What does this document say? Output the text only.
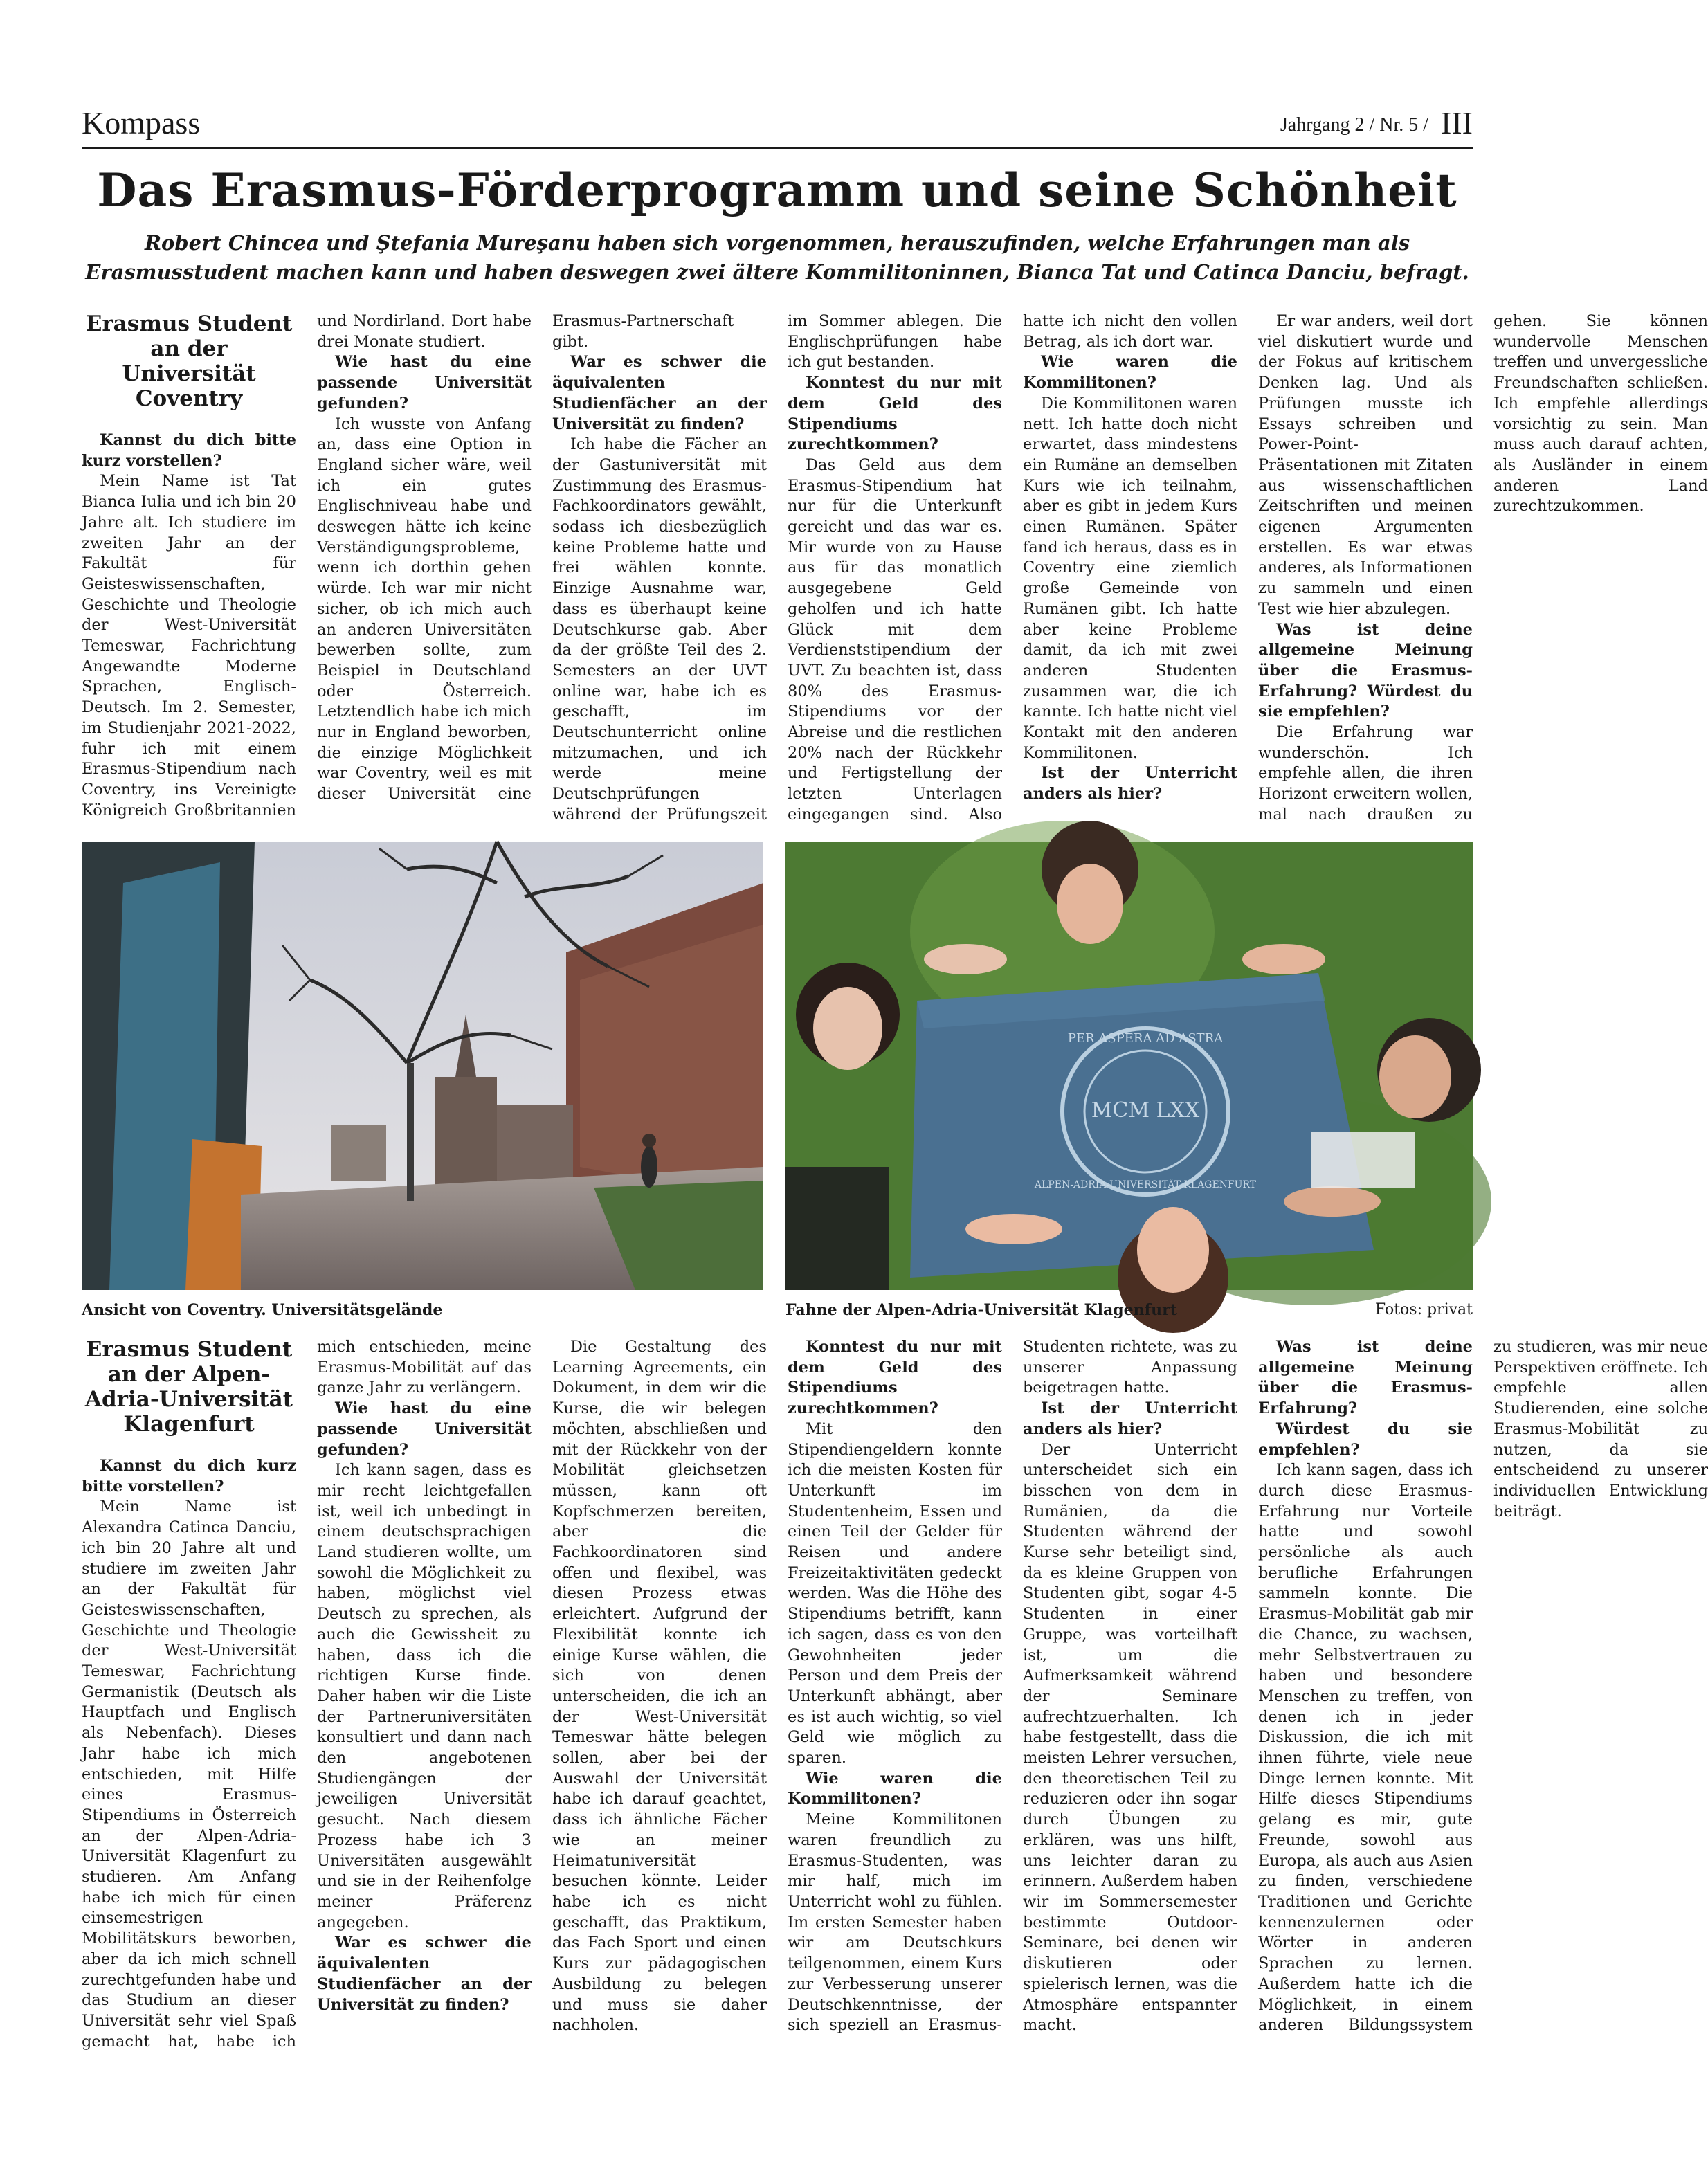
Kompass	Jahrgang 2 / Nr. 5 / III
Das Erasmus-Förderprogramm und seine Schönheit

Robert Chincea und Ştefania Mureşanu haben sich vorgenommen, herauszufinden, welche Erfahrungen man als Erasmusstudent machen kann und haben deswegen zwei ältere Kommilitoninnen, Bianca Tat und Catinca Danciu, befragt.

Erasmus Student an der Universität Coventry

Kannst du dich bitte kurz vorstellen?

Mein Name ist Tat Bianca Iulia und ich bin 20 Jahre alt. Ich studiere im zweiten Jahr an der Fakultät für Geisteswissenschaften, Geschichte und Theologie der West-Universität Temeswar, Fachrichtung Angewandte Moderne Sprachen, Englisch-Deutsch. Im 2. Semester, im Studienjahr 2021-2022, fuhr ich mit einem Erasmus-Stipendium nach Coventry, ins Vereinigte Königreich Großbritannien und Nordirland. Dort habe drei Monate studiert.

Wie hast du eine passende Universität gefunden?

Ich wusste von Anfang an, dass eine Option in England sicher wäre, weil ich ein gutes Englischniveau habe und deswegen hätte ich keine Verständigungsprobleme, wenn ich dorthin gehen würde. Ich war mir nicht sicher, ob ich mich auch an anderen Universitäten bewerben sollte, zum Beispiel in Deutschland oder Österreich. Letztendlich habe ich mich nur in England beworben, die einzige Möglichkeit war Coventry, weil es mit dieser Universität eine Erasmus-Partnerschaft gibt.

War es schwer die äquivalenten Studienfächer an der Universität zu finden?

Ich habe die Fächer an der Gastuniversität mit Zustimmung des Erasmus-Fachkoordinators gewählt, sodass ich diesbezüglich keine Probleme hatte und frei wählen konnte. Einzige Ausnahme war, dass es überhaupt keine Deutschkurse gab. Aber da der größte Teil des 2. Semesters an der UVT online war, habe ich es geschafft, im Deutschunterricht online mitzumachen, und ich werde meine Deutschprüfungen während der Prüfungszeit im Sommer ablegen. Die Englischprüfungen habe ich gut bestanden.

Konntest du nur mit dem Geld des Stipendiums zurechtkommen?

Das Geld aus dem Erasmus-Stipendium hat nur für die Unterkunft gereicht und das war es. Mir wurde von zu Hause aus für das monatlich ausgegebene Geld geholfen und ich hatte Glück mit dem Verdienststipendium der UVT. Zu beachten ist, dass 80% des Erasmus-Stipendiums vor der Abreise und die restlichen 20% nach der Rückkehr und Fertigstellung der letzten Unterlagen eingegangen sind. Also hatte ich nicht den vollen Betrag, als ich dort war.

Wie waren die Kommilitonen?

Die Kommilitonen waren nett. Ich hatte doch nicht erwartet, dass mindestens ein Rumäne an demselben Kurs wie ich teilnahm, aber es gibt in jedem Kurs einen Rumänen. Später fand ich heraus, dass es in Coventry eine ziemlich große Gemeinde von Rumänen gibt. Ich hatte aber keine Probleme damit, da ich mit zwei anderen Studenten zusammen war, die ich kannte. Ich hatte nicht viel Kontakt mit den anderen Kommilitonen.

Ist der Unterricht anders als hier?

Er war anders, weil dort viel diskutiert wurde und der Fokus auf kritischem Denken lag. Und als Prüfungen musste ich Essays schreiben und Power-Point-Präsentationen mit Zitaten aus wissenschaftlichen Zeitschriften und meinen eigenen Argumenten erstellen. Es war etwas anderes, als Informationen zu sammeln und einen Test wie hier abzulegen.

Was ist deine allgemeine Meinung über die Erasmus-Erfahrung? Würdest du sie empfehlen?

Die Erfahrung war wunderschön. Ich empfehle allen, die ihren Horizont erweitern wollen, mal nach draußen zu gehen. Sie können wundervolle Menschen treffen und unvergessliche Freundschaften schließen. Ich empfehle allerdings vorsichtig zu sein. Man muss auch darauf achten, als Ausländer in einem anderen Land zurechtzukommen.

Ansicht von Coventry. Universitätsgelände
MCM LXX
PER ASPERA AD ASTRA
ALPEN-ADRIA-UNIVERSITÄT KLAGENFURT
Fahne der Alpen-Adria-Universität Klagenfurt	Fotos: privat
Erasmus Student an der Alpen-Adria-Universität Klagenfurt

Kannst du dich kurz bitte vorstellen?

Mein Name ist Alexandra Catinca Danciu, ich bin 20 Jahre alt und studiere im zweiten Jahr an der Fakultät für Geisteswissenschaften, Geschichte und Theologie der West-Universität Temeswar, Fachrichtung Germanistik (Deutsch als Hauptfach und Englisch als Nebenfach). Dieses Jahr habe ich mich entschieden, mit Hilfe eines Erasmus-Stipendiums in Österreich an der Alpen-Adria-Universität Klagenfurt zu studieren. Am Anfang habe ich mich für einen einsemestrigen Mobilitätskurs beworben, aber da ich mich schnell zurechtgefunden habe und das Studium an dieser Universität sehr viel Spaß gemacht hat, habe ich mich entschieden, meine Erasmus-Mobilität auf das ganze Jahr zu verlängern.

Wie hast du eine passende Universität gefunden?

Ich kann sagen, dass es mir recht leichtgefallen ist, weil ich unbedingt in einem deutschsprachigen Land studieren wollte, um sowohl die Möglichkeit zu haben, möglichst viel Deutsch zu sprechen, als auch die Gewissheit zu haben, dass ich die richtigen Kurse finde. Daher haben wir die Liste der Partneruniversitäten konsultiert und dann nach den angebotenen Studiengängen der jeweiligen Universität gesucht. Nach diesem Prozess habe ich 3 Universitäten ausgewählt und sie in der Reihenfolge meiner Präferenz angegeben.

War es schwer die äquivalenten Studienfächer an der Universität zu finden?

Die Gestaltung des Learning Agreements, ein Dokument, in dem wir die Kurse, die wir belegen möchten, abschließen und mit der Rückkehr von der Mobilität gleichsetzen müssen, kann oft Kopfschmerzen bereiten, aber die Fachkoordinatoren sind offen und flexibel, was diesen Prozess etwas erleichtert. Aufgrund der Flexibilität konnte ich einige Kurse wählen, die sich von denen unterscheiden, die ich an der West-Universität Temeswar hätte belegen sollen, aber bei der Auswahl der Universität habe ich darauf geachtet, dass ich ähnliche Fächer wie an meiner Heimatuniversität besuchen könnte. Leider habe ich es nicht geschafft, das Praktikum, das Fach Sport und einen Kurs zur pädagogischen Ausbildung zu belegen und muss sie daher nachholen.

Konntest du nur mit dem Geld des Stipendiums zurechtkommen?

Mit den Stipendiengeldern konnte ich die meisten Kosten für Unterkunft im Studentenheim, Essen und einen Teil der Gelder für Reisen und andere Freizeitaktivitäten gedeckt werden. Was die Höhe des Stipendiums betrifft, kann ich sagen, dass es von den Gewohnheiten jeder Person und dem Preis der Unterkunft abhängt, aber es ist auch wichtig, so viel Geld wie möglich zu sparen.

Wie waren die Kommilitonen?

Meine Kommilitonen waren freundlich zu Erasmus-Studenten, was mir half, mich im Unterricht wohl zu fühlen. Im ersten Semester haben wir am Deutschkurs teilgenommen, einem Kurs zur Verbesserung unserer Deutschkenntnisse, der sich speziell an Erasmus-Studenten richtete, was zu unserer Anpassung beigetragen hatte.

Ist der Unterricht anders als hier?

Der Unterricht unterscheidet sich ein bisschen von dem in Rumänien, da die Studenten während der Kurse sehr beteiligt sind, da es kleine Gruppen von Studenten gibt, sogar 4-5 Studenten in einer Gruppe, was vorteilhaft ist, um die Aufmerksamkeit während der Seminare aufrechtzuerhalten. Ich habe festgestellt, dass die meisten Lehrer versuchen, den theoretischen Teil zu reduzieren oder ihn sogar durch Übungen zu erklären, was uns hilft, uns leichter daran zu erinnern. Außerdem haben wir im Sommersemester bestimmte Outdoor-Seminare, bei denen wir diskutieren oder spielerisch lernen, was die Atmosphäre entspannter macht.

Was ist deine allgemeine Meinung über die Erasmus-Erfahrung?

Würdest du sie empfehlen?

Ich kann sagen, dass ich durch diese Erasmus-Erfahrung nur Vorteile hatte und sowohl persönliche als auch berufliche Erfahrungen sammeln konnte. Die Erasmus-Mobilität gab mir die Chance, zu wachsen, mehr Selbstvertrauen zu haben und besondere Menschen zu treffen, von denen ich in jeder Diskussion, die ich mit ihnen führte, viele neue Dinge lernen konnte. Mit Hilfe dieses Stipendiums gelang es mir, gute Freunde, sowohl aus Europa, als auch aus Asien zu finden, verschiedene Traditionen und Gerichte kennenzulernen oder Wörter in anderen Sprachen zu lernen. Außerdem hatte ich die Möglichkeit, in einem anderen Bildungssystem zu studieren, was mir neue Perspektiven eröffnete. Ich empfehle allen Studierenden, eine solche Erasmus-Mobilität zu nutzen, da sie entscheidend zu unserer individuellen Entwicklung beiträgt.
